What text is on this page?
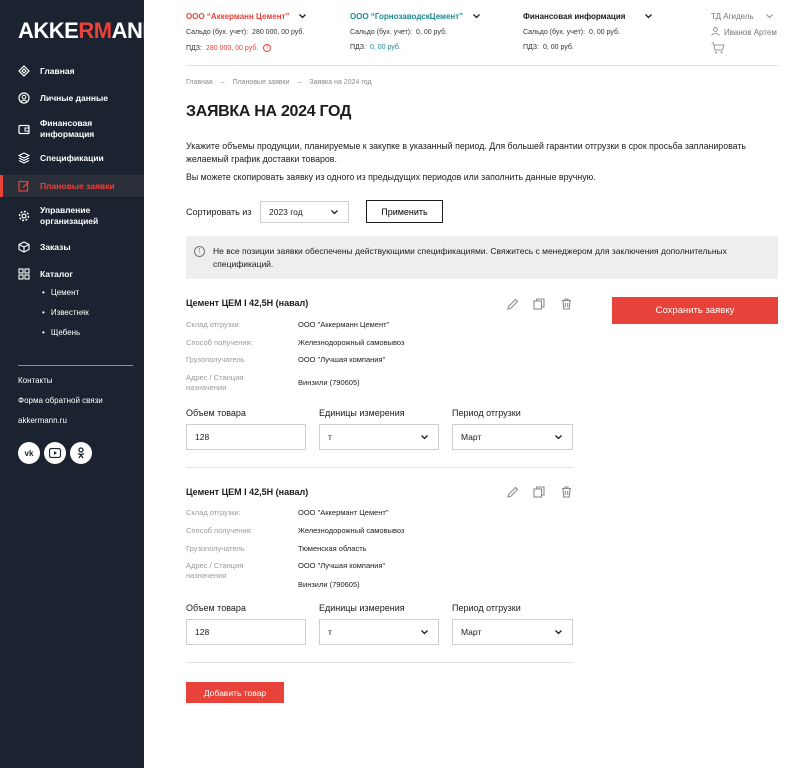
AKKERMANN
Главная
Личные данные
Финансовая информация
Спецификации
Плановые заявки
Управление организацией
Заказы
Каталог
• Цемент
• Известняк
• Щебень
Контакты
Форма обратной связи
akkermann.ru
vk
ООО “Аккерманн Цемент”
Сальдо (бух. учет): 280 000, 00 руб.
ПДЗ: 280 000, 00 руб.	!
ООО “ГорнозаводскЦемент”
Сальдо (бух. учет): 0, 00 руб.
ПДЗ: 0, 00 руб.
Финансовая информация
Сальдо (бух. учет): 0, 00 руб.
ПДЗ: 0, 00 руб.
ТД Агидель
Иванов Артем
Главная – Плановые заявки – Заявка на 2024 год
ЗАЯВКА НА 2024 ГОД
Укажите объемы продукции, планируемые к закупке в указанный период. Для большей гарантии отгрузки в срок просьба запланировать желаемый график доставки товаров.
Вы можете скопировать заявку из одного из предыдущих периодов или заполнить данные вручную.
Сортировать из 2023 год	Применить
!	Не все позиции заявки обеспечены действующими спецификациями. Свяжитесь с менеджером для заключения дополнительных спецификаций.
Сохранить заявку
Цемент ЦЕМ I 42,5Н (навал)
Склад отгрузки:	ООО "Аккерманн Цемент"
Способ получения:	Железнодорожный самовывоз
Грузополучатель	ООО "Лучшая компания"
Адрес / Станция назначения
Винзили (790605)
Объем товара	Единицы измерения	Период отгрузки
128	т	Март
Цемент ЦЕМ I 42,5Н (навал)
Склад отгрузки:	ООО "Аккермант Цемент"
Способ получения:	Железнодорожный самовывоз
Грузополучатель	Тюменская область
Адрес / Станция назначения
ООО "Лучшая компания"
Винзили (790605)
Объем товара	Единицы измерения	Период отгрузки
128	т	Март
Добавить товар
